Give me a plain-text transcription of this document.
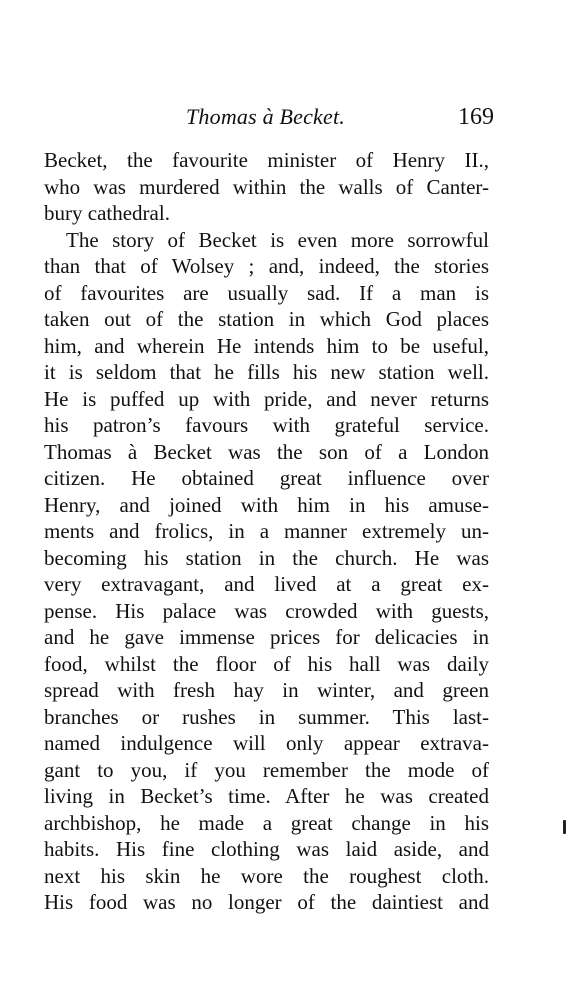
Thomas à Becket.	169
Becket, the favourite minister of Henry II.,
who was murdered within the walls of Canter-
bury cathedral.
The story of Becket is even more sorrowful
than that of Wolsey ; and, indeed, the stories
of favourites are usually sad. If a man is
taken out of the station in which God places
him, and wherein He intends him to be useful,
it is seldom that he fills his new station well.
He is puffed up with pride, and never returns
his patron’s favours with grateful service.
Thomas à Becket was the son of a London
citizen. He obtained great influence over
Henry, and joined with him in his amuse-
ments and frolics, in a manner extremely un-
becoming his station in the church. He was
very extravagant, and lived at a great ex-
pense. His palace was crowded with guests,
and he gave immense prices for delicacies in
food, whilst the floor of his hall was daily
spread with fresh hay in winter, and green
branches or rushes in summer. This last-
named indulgence will only appear extrava-
gant to you, if you remember the mode of
living in Becket’s time. After he was created
archbishop, he made a great change in his
habits. His fine clothing was laid aside, and
next his skin he wore the roughest cloth.
His food was no longer of the daintiest and
